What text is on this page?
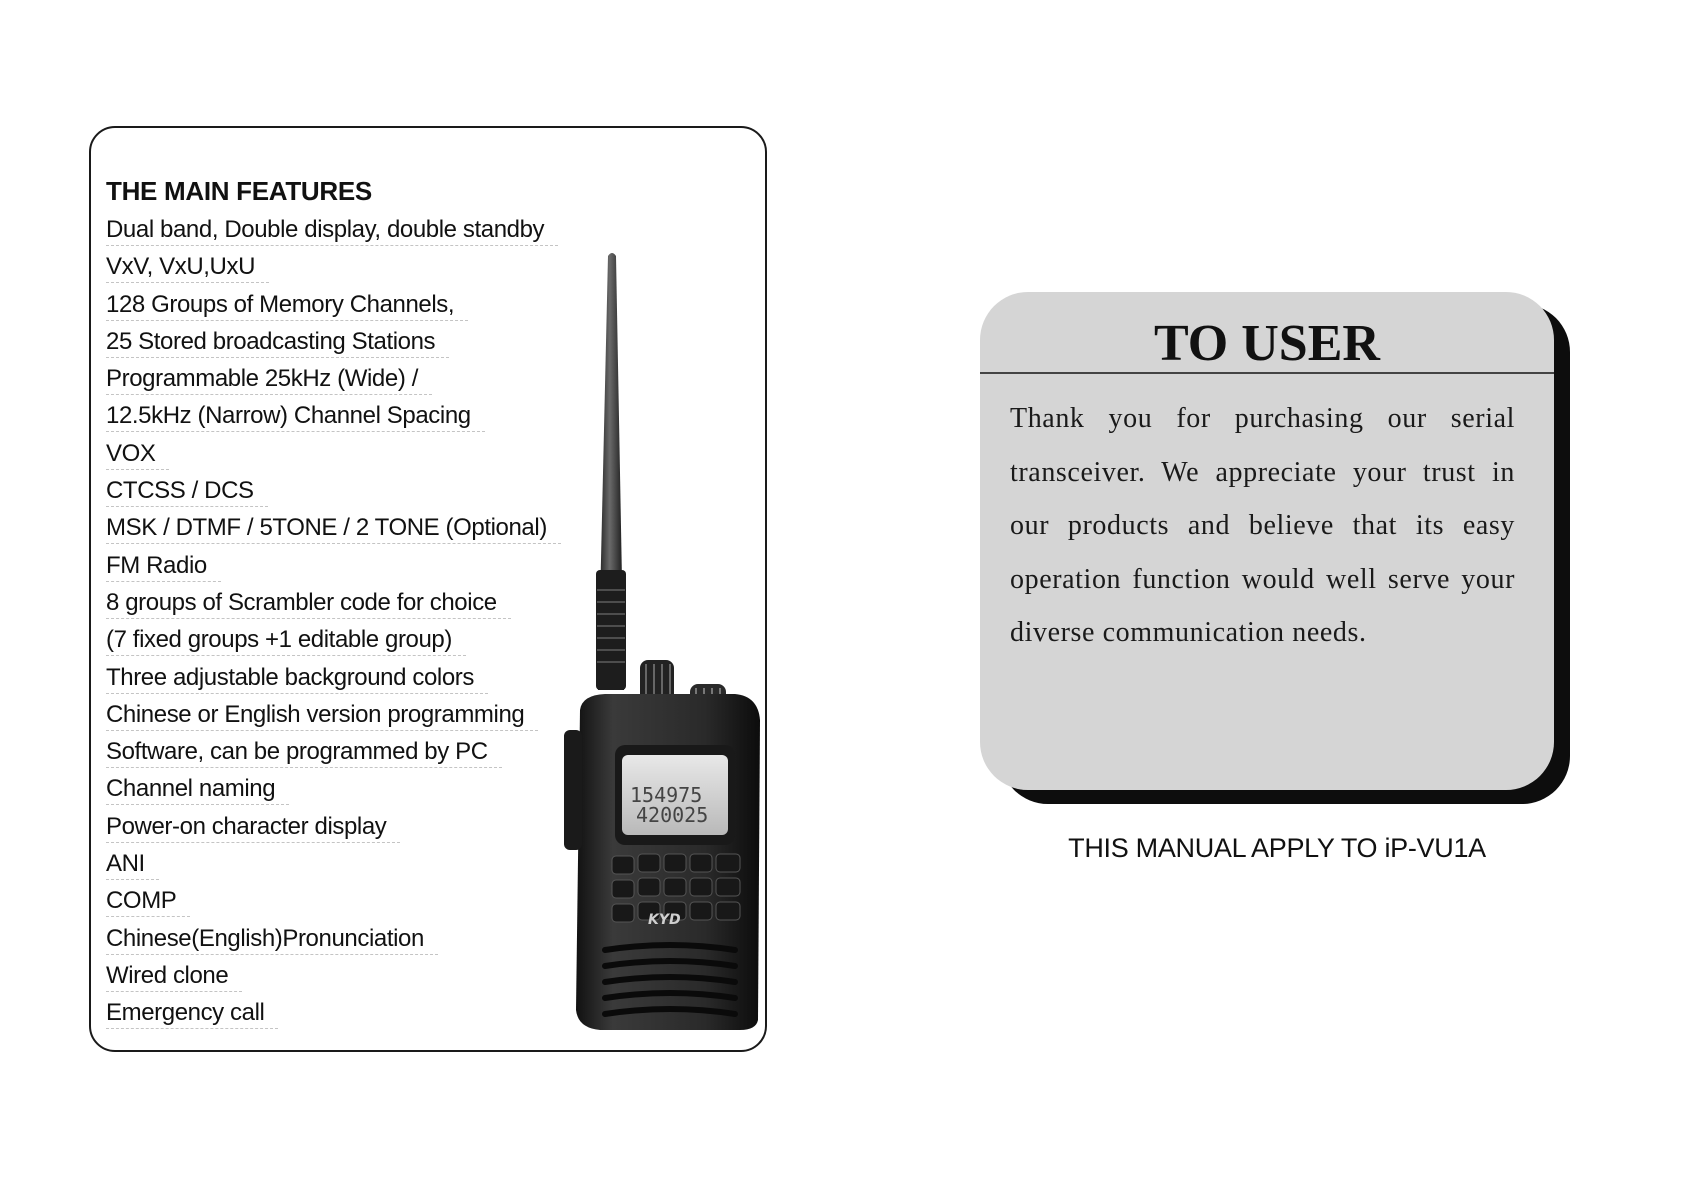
THE MAIN FEATURES
Dual band, Double display, double standby
VxV, VxU,UxU
128 Groups of Memory Channels,
25 Stored broadcasting Stations
Programmable 25kHz (Wide) /
12.5kHz (Narrow) Channel Spacing
VOX
CTCSS / DCS
MSK / DTMF / 5TONE / 2 TONE (Optional)
FM Radio
8 groups of Scrambler code for choice
(7 fixed groups +1 editable group)
Three adjustable background colors
Chinese or English version programming
Software, can be programmed by PC
Channel naming
Power-on character display
ANI
COMP
Chinese(English)Pronunciation
Wired clone
Emergency call
154975
420025
KYD
TO USER

Thank you for purchasing our serial transceiver. We appreciate your trust in our products and believe that its easy operation function would well serve your diverse communication needs.

THIS MANUAL APPLY TO iP-VU1A
